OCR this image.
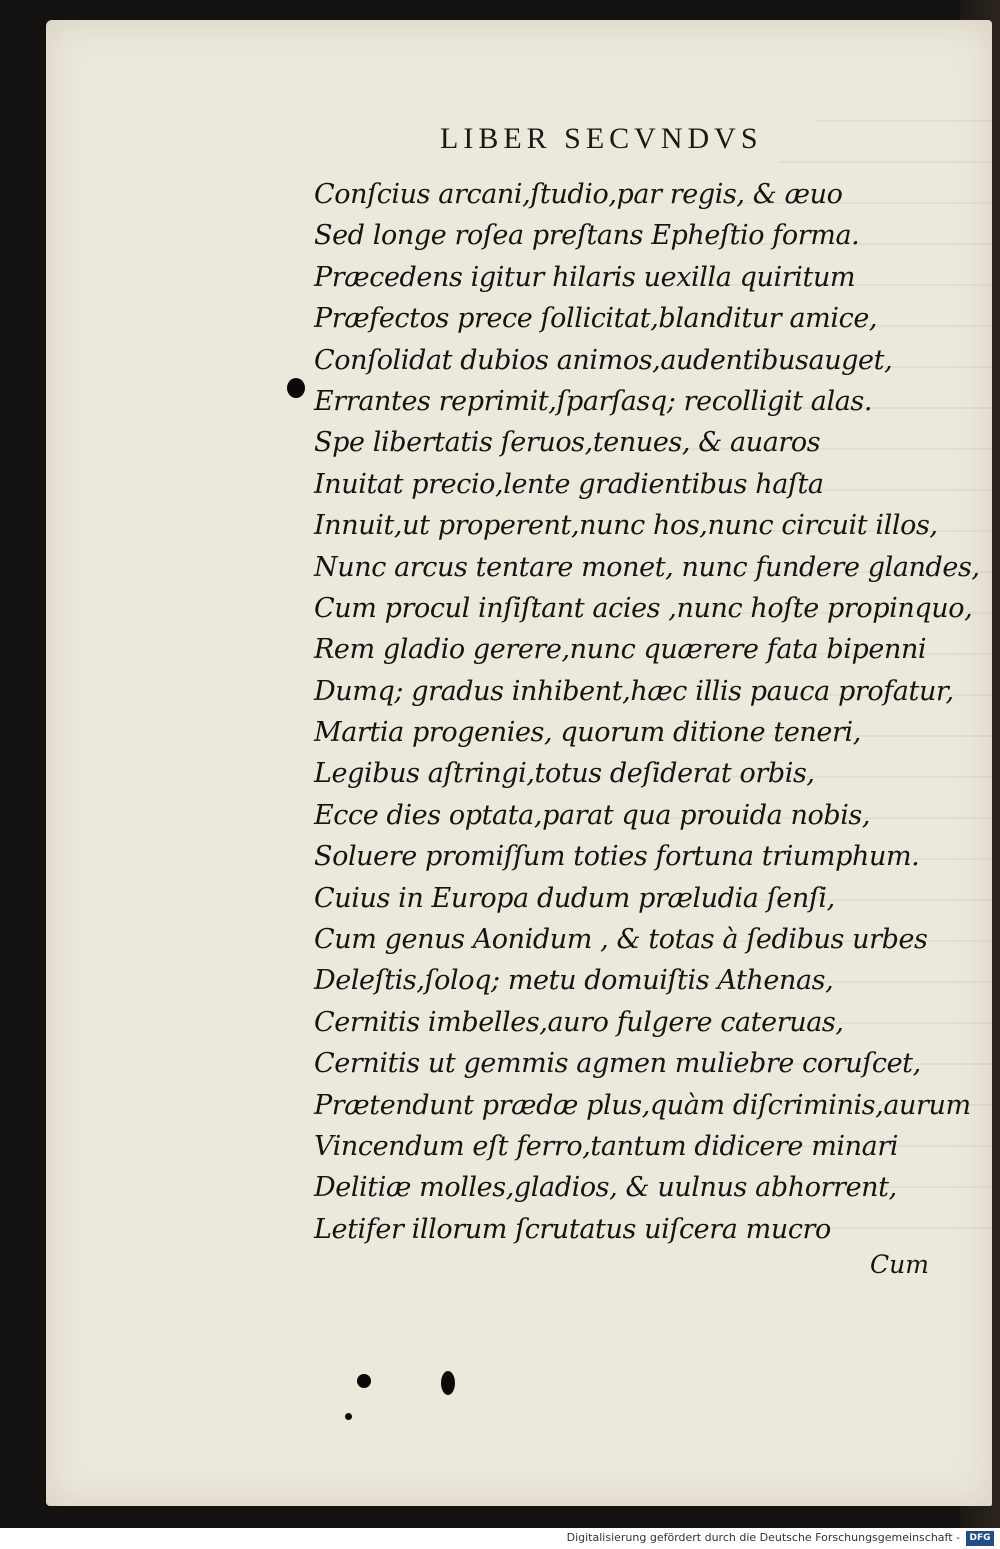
LIBER SECVNDVS
Conſcius arcani,ſtudio,par regis, & æuo
Sed longe roſea preſtans Epheſtio forma.
Præcedens igitur hilaris uexilla quiritum
Præfectos prece ſollicitat,blanditur amice,
Conſolidat dubios animos,audentibusauget,
Errantes reprimit,ſparſasq; recolligit alas.
Spe libertatis ſeruos,tenues, & auaros
Inuitat precio,lente gradientibus haſta
Innuit,ut properent,nunc hos,nunc circuit illos,
Nunc arcus tentare monet, nunc fundere glandes,
Cum procul inſiſtant acies ,nunc hoſte propinquo,
Rem gladio gerere,nunc quærere fata bipenni
Dumq; gradus inhibent,hæc illis pauca profatur,
Martia progenies, quorum ditione teneri,
Legibus aſtringi,totus deſiderat orbis,
Ecce dies optata,parat qua prouida nobis,
Soluere promiſſum toties fortuna triumphum.
Cuius in Europa dudum præludia ſenſi,
Cum genus Aonidum , & totas à ſedibus urbes
Deleſtis,ſoloq; metu domuiſtis Athenas,
Cernitis imbelles,auro fulgere cateruas,
Cernitis ut gemmis agmen muliebre coruſcet,
Prætendunt prædæ plus,quàm diſcriminis,aurum
Vincendum eſt ferro,tantum didicere minari
Delitiæ molles,gladios, & uulnus abhorrent,
Letifer illorum ſcrutatus uiſcera mucro
Cum
Digitalisierung gefördert durch die Deutsche Forschungsgemeinschaft -	DFG
